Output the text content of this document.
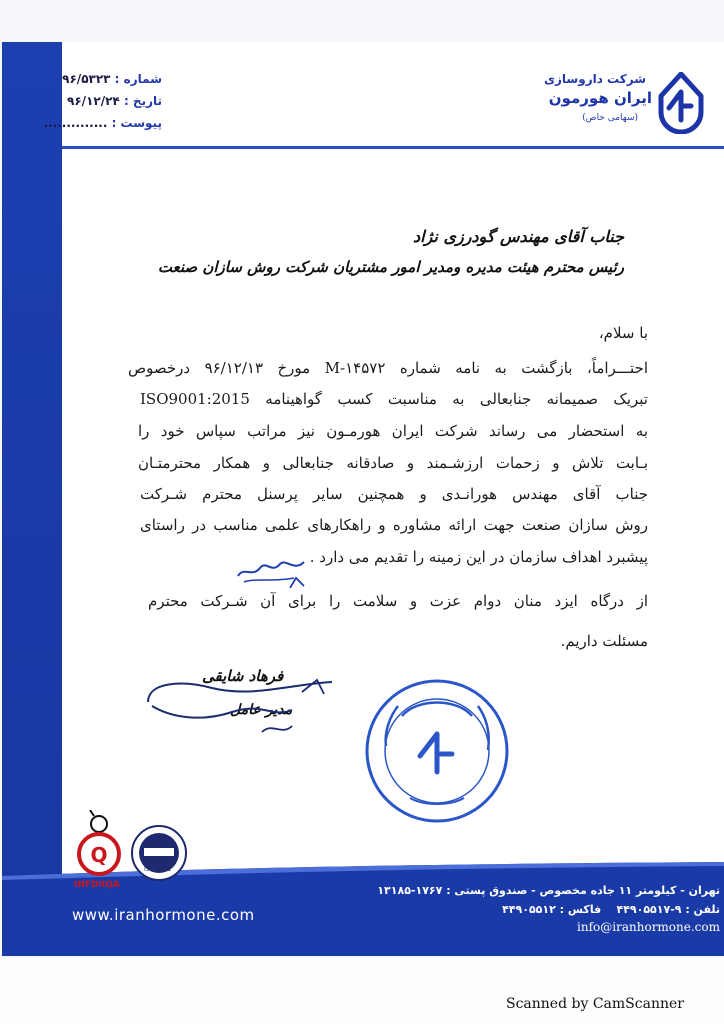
شرکت داروسازی
ایران هورمون
(سهامی خاص)
شماره : ۹۶/۵۳۲۳
تاریخ : ۹۶/۱۲/۲۴
پیوست : ..............
جناب آقای مهندس گودرزی نژاد
رئیس محترم هیئت مدیره ومدیر امور مشتریان شرکت روش سازان صنعت
با سلام،
احتـــراماً، بازگشت به نامه شماره M-۱۴۵۷۲ مورخ ۹۶/۱۲/۱۳ درخصوص
تبریک صمیمانه جنابعالی به مناسبت کسب گواهینامه ISO9001:2015
به استحضار می رساند شرکت ایران هورمـون نیز مراتب سپاس خود را
بـابت تلاش و زحمات ارزشـمند و صادقانه جنابعالی و همکار محترمتـان
جناب آقای مهندس هورانـدی و همچنین سایر پرسنل محترم شـرکت
روش سازان صنعت جهت ارائه مشاوره و راهکارهای علمی مناسب در راستای
پیشبرد اهداف سازمان در این زمینه را تقدیم می دارد .
از درگاه ایزد منان دوام عزت و سلامت را برای آن شـرکت محترم
مسئلت داریم.
فرهاد شایقی
مدیر عامل
Q
INFDIIQA
ISO 9001
www.iranhormone.com
تهران - کیلومتر ۱۱ جاده مخصوص - صندوق پستی : ۱۷۶۷-۱۳۱۸۵
تلفن : ۹-۴۴۹۰۵۵۱۷    فاکس : ۴۴۹۰۵۵۱۲
info@iranhormone.com
Scanned by CamScanner
